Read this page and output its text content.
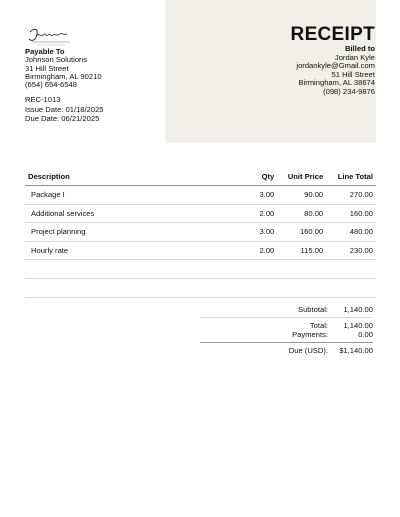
Payable To
Johnson Solutions
31 Hill Street
Birmingham, AL 90210
(654) 654-6548
REC-1013
Issue Date: 01/18/2025
Due Date: 06/21/2025
RECEIPT
Billed to
Jordan Kyle
jordankyle@Gmail.com
51 Hill Street
Birmingham, AL 38674
(098) 234-9876
Description	Qty	Unit Price	Line Total
Package I	3.00	90.00	270.00
Additional services	2.00	80.00	160.00
Project planning	3.00	160.00	480.00
Hourly rate	2.00	115.00	230.00
Subtotal:	1,140.00
Total:	1,140.00
Payments:	0.00
Due (USD):	$1,140.00
